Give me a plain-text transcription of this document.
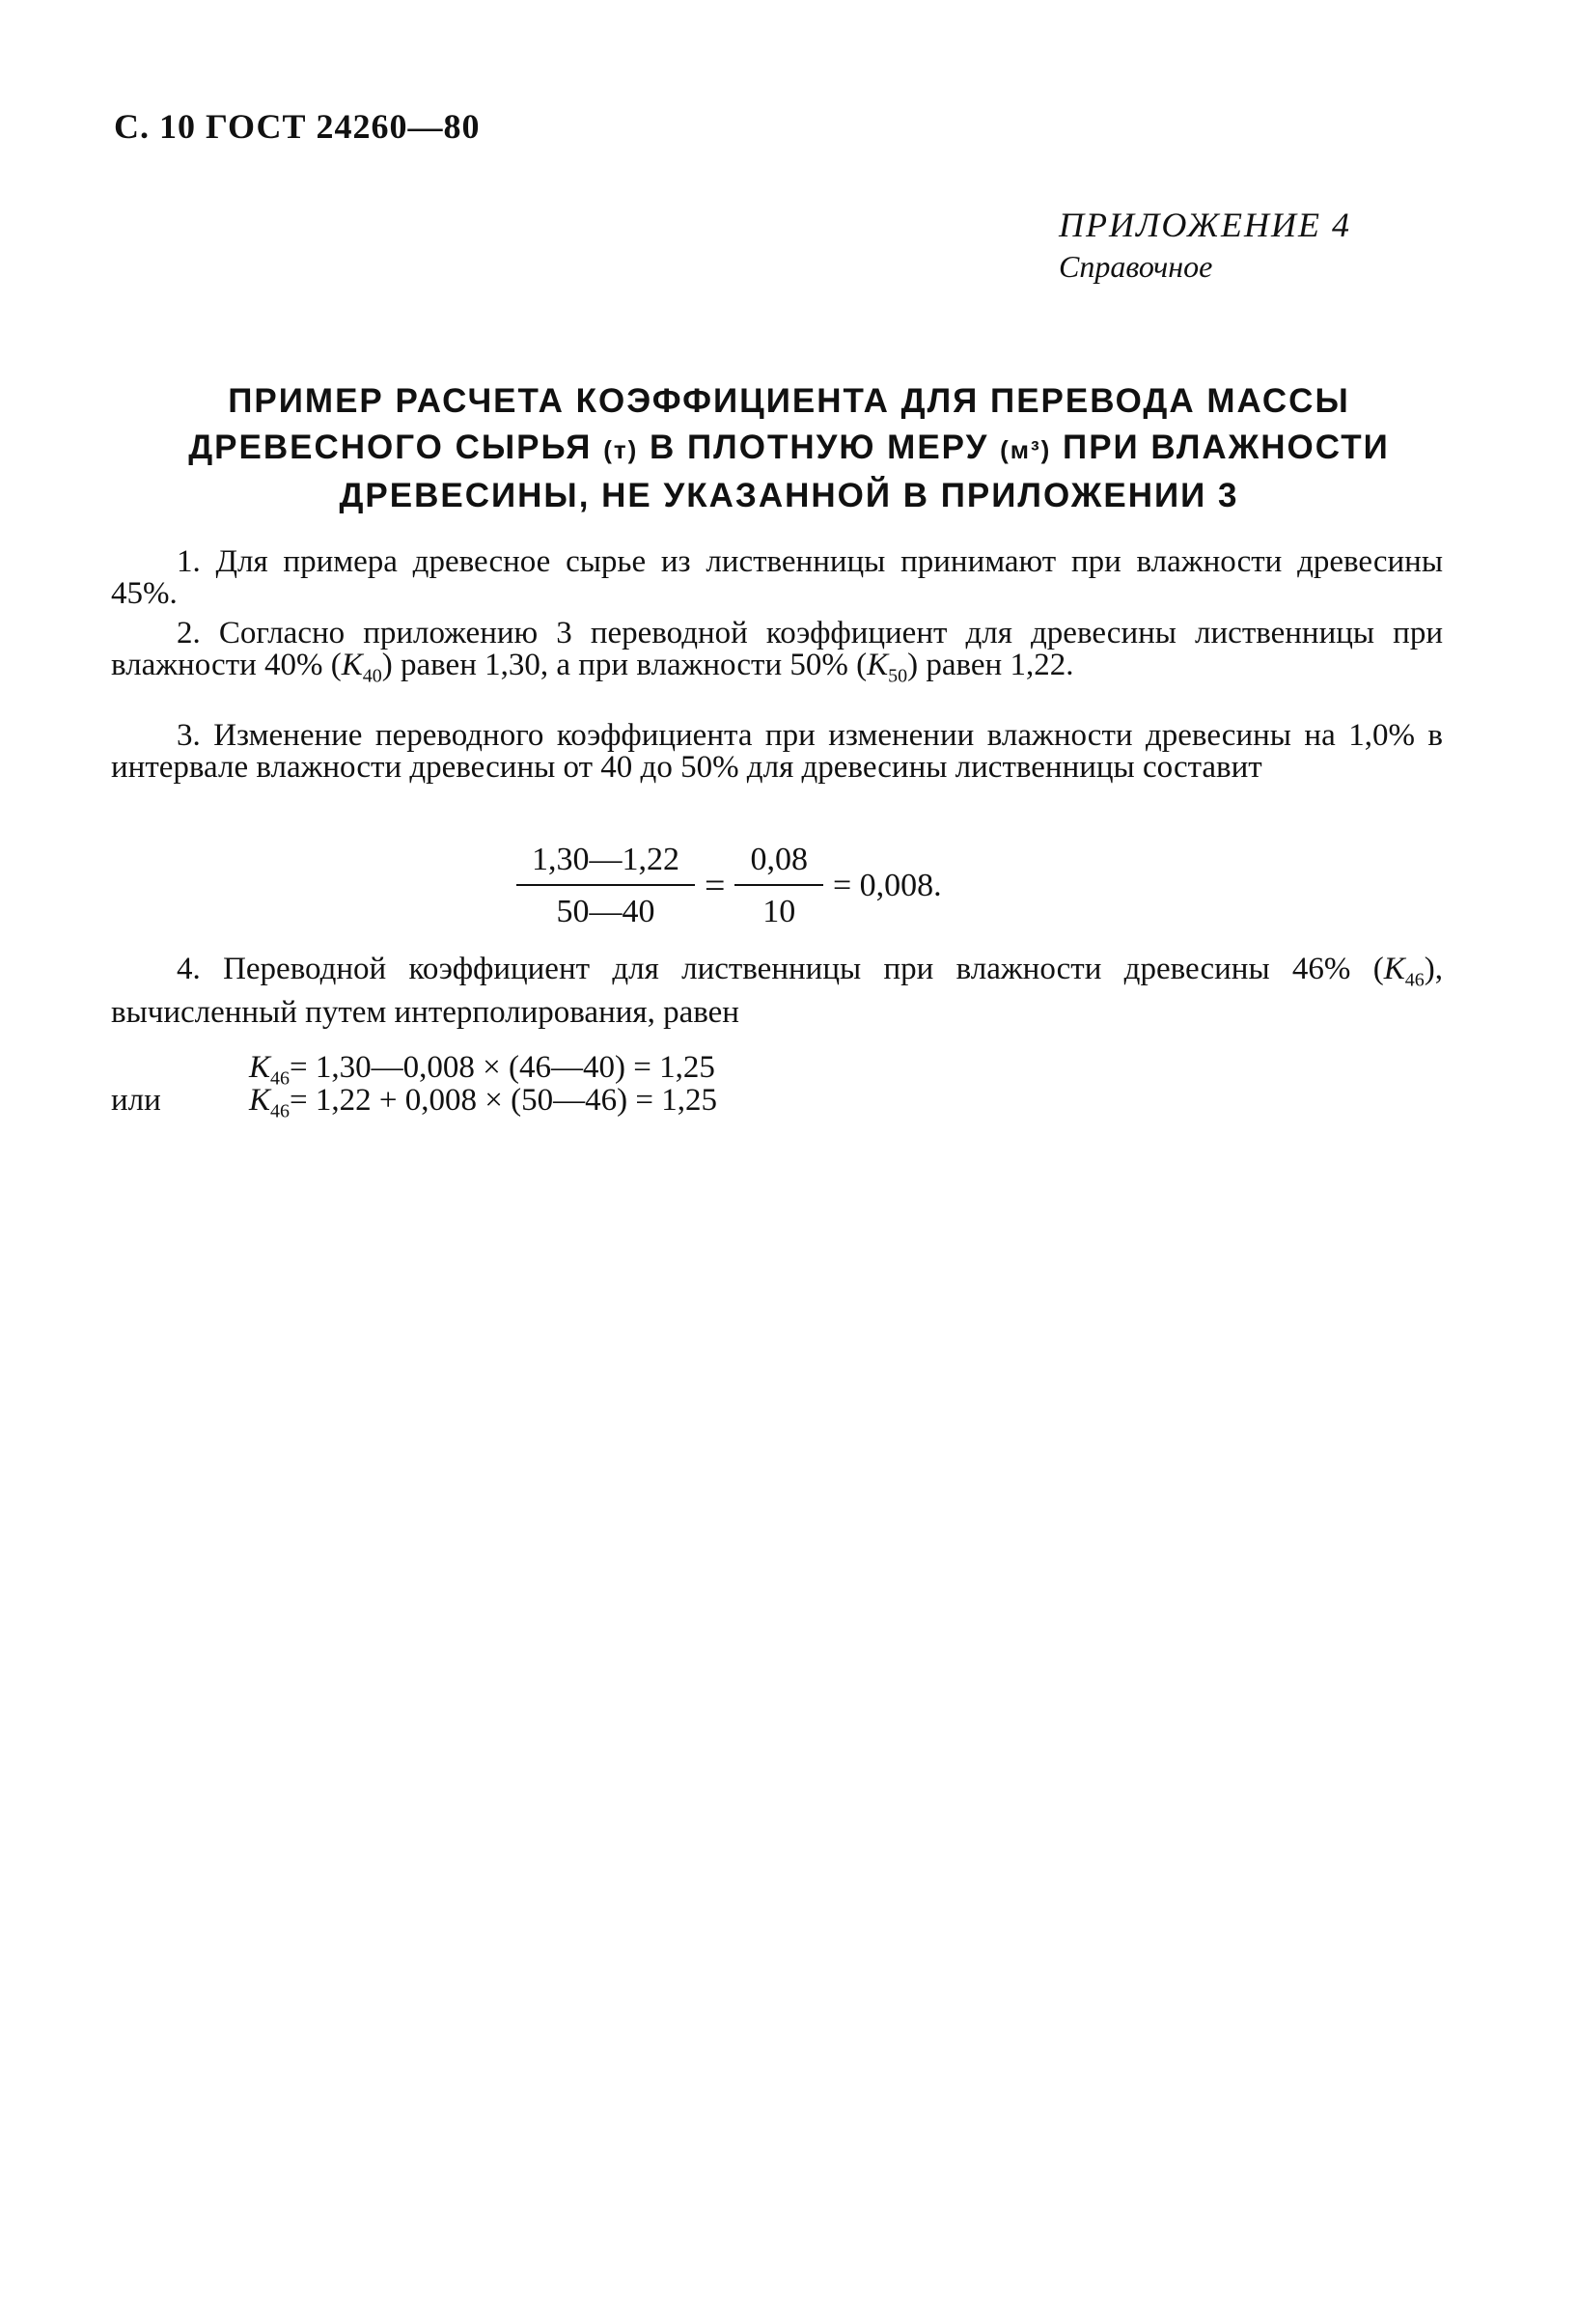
С. 10 ГОСТ 24260—80
ПРИЛОЖЕНИЕ 4
Справочное
ПРИМЕР РАСЧЕТА КОЭФФИЦИЕНТА ДЛЯ ПЕРЕВОДА МАССЫ
ДРЕВЕСНОГО СЫРЬЯ (т) В ПЛОТНУЮ МЕРУ (м³) ПРИ ВЛАЖНОСТИ
ДРЕВЕСИНЫ, НЕ УКАЗАННОЙ В ПРИЛОЖЕНИИ 3

1. Для примера древесное сырье из лиственницы принимают при влажности древесины 45%.

2. Согласно приложению 3 переводной коэффициент для древесины лиственницы при влажности 40% $(K_{40})$ равен 1,30, а при влажности 50% $(K_{50})$ равен 1,22.

3. Изменение переводного коэффициента при изменении влажности древесины на 1,0% в интервале влажности древесины от 40 до 50% для древесины лиственницы составит

$\frac{1,30—1,22}{50—40} = \frac{0,08}{10} = 0,008$.

4. Переводной коэффициент для лиственницы при влажности древесины 46% $(K_{46})$, вычисленный путем интерполирования, равен

$K_{46}=$ 1,30—0,008 × (46—40) = 1,25
или	$K_{46}= 1,22 + 0,008$ × (50—46) = 1,25
